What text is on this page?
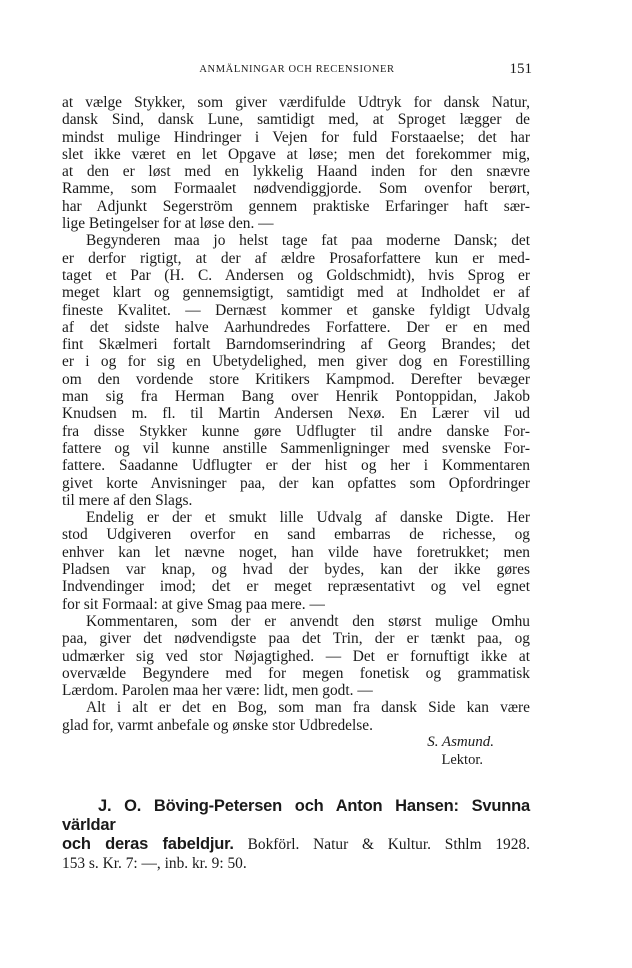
ANMÄLNINGAR OCH RECENSIONER	151

at vælge Stykker, som giver værdifulde Udtryk for dansk Natur,

dansk Sind, dansk Lune, samtidigt med, at Sproget lægger de

mindst mulige Hindringer i Vejen for fuld Forstaaelse; det har

slet ikke været en let Opgave at løse; men det forekommer mig,

at den er løst med en lykkelig Haand inden for den snævre

Ramme, som Formaalet nødvendiggjorde. Som ovenfor berørt,

har Adjunkt Segerström gennem praktiske Erfaringer haft sær-

lige Betingelser for at løse den. —

Begynderen maa jo helst tage fat paa moderne Dansk; det

er derfor rigtigt, at der af ældre Prosaforfattere kun er med-

taget et Par (H. C. Andersen og Goldschmidt), hvis Sprog er

meget klart og gennemsigtigt, samtidigt med at Indholdet er af

fineste Kvalitet. — Dernæst kommer et ganske fyldigt Udvalg

af det sidste halve Aarhundredes Forfattere. Der er en med

fint Skælmeri fortalt Barndomserindring af Georg Brandes; det

er i og for sig en Ubetydelighed, men giver dog en Forestilling

om den vordende store Kritikers Kampmod. Derefter bevæger

man sig fra Herman Bang over Henrik Pontoppidan, Jakob

Knudsen m. fl. til Martin Andersen Nexø. En Lærer vil ud

fra disse Stykker kunne gøre Udflugter til andre danske For-

fattere og vil kunne anstille Sammenligninger med svenske For-

fattere. Saadanne Udflugter er der hist og her i Kommentaren

givet korte Anvisninger paa, der kan opfattes som Opfordringer

til mere af den Slags.

Endelig er der et smukt lille Udvalg af danske Digte. Her

stod Udgiveren overfor en sand embarras de richesse, og

enhver kan let nævne noget, han vilde have foretrukket; men

Pladsen var knap, og hvad der bydes, kan der ikke gøres

Indvendinger imod; det er meget repræsentativt og vel egnet

for sit Formaal: at give Smag paa mere. —

Kommentaren, som der er anvendt den størst mulige Omhu

paa, giver det nødvendigste paa det Trin, der er tænkt paa, og

udmærker sig ved stor Nøjagtighed. — Det er fornuftigt ikke at

overvælde Begyndere med for megen fonetisk og grammatisk

Lærdom. Parolen maa her være: lidt, men godt. —

Alt i alt er det en Bog, som man fra dansk Side kan være

glad for, varmt anbefale og ønske stor Udbredelse.

S. Asmund.
Lektor.

J. O. Böving-Petersen och Anton Hansen: Svunna världar

och deras fabeldjur. Bokförl. Natur & Kultur. Sthlm 1928.

153 s. Kr. 7: —, inb. kr. 9: 50.
